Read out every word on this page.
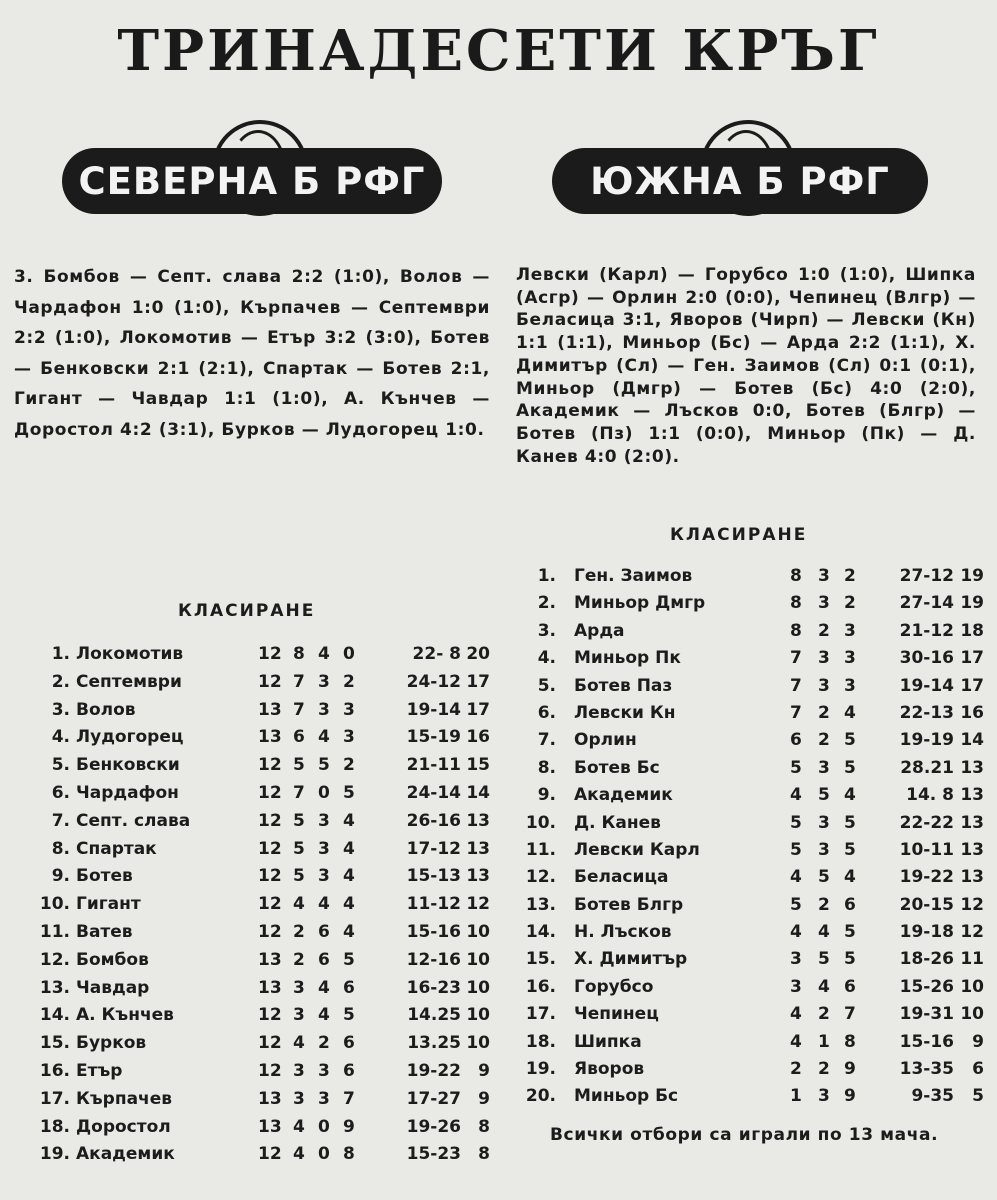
ТРИНАДЕСЕТИ КРЪГ
СЕВЕРНА Б РФГ	ЮЖНА Б РФГ
3. Бомбов — Септ. слава 2:2 (1:0), Волов — Чардафон 1:0 (1:0), Кърпачев — Септември 2:2 (1:0), Локомотив — Етър 3:2 (3:0), Ботев — Бенковски 2:1 (2:1), Спартак — Ботев 2:1, Гигант — Чавдар 1:1 (1:0), А. Кънчев — Доростол 4:2 (3:1), Бурков — Лудогорец 1:0.
Левски (Карл) — Горубсо 1:0 (1:0), Шипка (Асгр) — Орлин 2:0 (0:0), Чепинец (Влгр) — Беласица 3:1, Яворов (Чирп) — Левски (Кн) 1:1 (1:1), Миньор (Бс) — Арда 2:2 (1:1), Х. Димитър (Сл) — Ген. Заимов (Сл) 0:1 (0:1), Миньор (Дмгр) — Ботев (Бс) 4:0 (2:0), Академик — Лъсков 0:0, Ботев (Блгр) — Ботев (Пз) 1:1 (0:0), Миньор (Пк) — Д. Канев 4:0 (2:0).
КЛАСИРАНЕ
КЛАСИРАНЕ
1. Локомотив	12 8 4 0	22- 8 20
2. Септември	12 7 3 2	24-12 17
3. Волов	13 7 3 3	19-14 17
4. Лудогорец	13 6 4 3	15-19 16
5. Бенковски	12 5 5 2	21-11 15
6. Чардафон	12 7 0 5	24-14 14
7. Септ. слава	12 5 3 4	26-16 13
8. Спартак	12 5 3 4	17-12 13
9. Ботев	12 5 3 4	15-13 13
10. Гигант	12 4 4 4	11-12 12
11. Ватев	12 2 6 4	15-16 10
12. Бомбов	13 2 6 5	12-16 10
13. Чавдар	13 3 4 6	16-23 10
14. А. Кънчев	12 3 4 5	14.25 10
15. Бурков	12 4 2 6	13.25 10
16. Етър	12 3 3 6	19-22	9
17. Кърпачев	13 3 3 7	17-27	9
18. Доростол	13 4 0 9	19-26	8
19. Академик	12 4 0 8	15-23	8
1. Ген. Заимов	8 3 2	27-12 19
2. Миньор Дмгр	8 3 2	27-14 19
3. Арда	8 2 3	21-12 18
4. Миньор Пк	7 3 3	30-16 17
5. Ботев Паз	7 3 3	19-14 17
6. Левски Кн	7 2 4	22-13 16
7. Орлин	6 2 5	19-19 14
8. Ботев Бс	5 3 5	28.21 13
9. Академик	4 5 4	14. 8 13
10. Д. Канев	5 3 5	22-22 13
11. Левски Карл	5 3 5	10-11 13
12. Беласица	4 5 4	19-22 13
13. Ботев Блгр	5 2 6	20-15 12
14. Н. Лъсков	4 4 5	19-18 12
15. Х. Димитър	3 5 5	18-26 11
16. Горубсо	3 4 6	15-26 10
17. Чепинец	4 2 7	19-31 10
18. Шипка	4 1 8	15-16	9
19. Яворов	2 2 9	13-35	6
20. Миньор Бс	1 3 9	9-35	5
Всички отбори са играли по 13 мача.
